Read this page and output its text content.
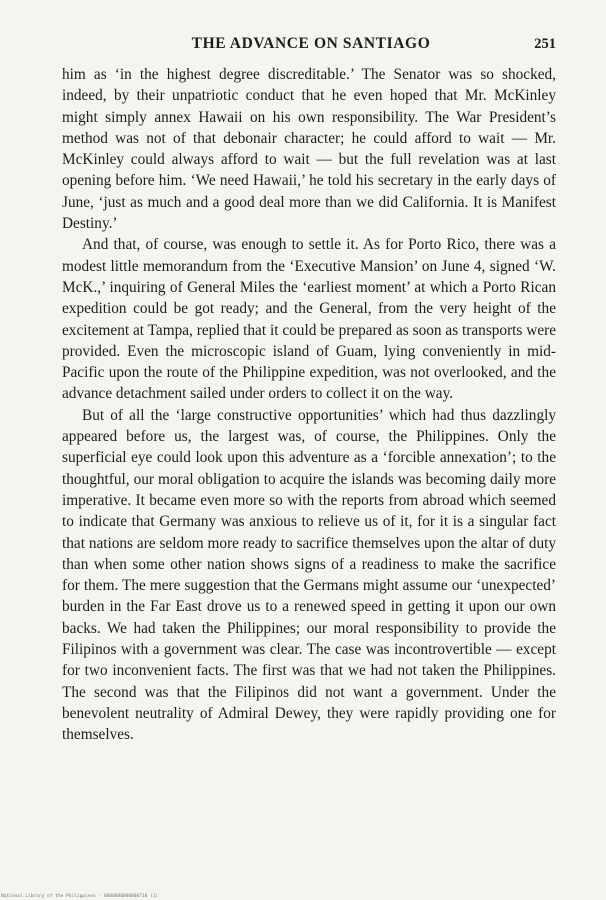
THE ADVANCE ON SANTIAGO	251

him as ‘in the highest degree discreditable.’ The Senator was so shocked, indeed, by their unpatriotic conduct that he even hoped that Mr. McKinley might simply annex Hawaii on his own responsibility. The War President’s method was not of that debonair character; he could afford to wait — Mr. McKinley could always afford to wait — but the full revelation was at last opening before him. ‘We need Hawaii,’ he told his secretary in the early days of June, ‘just as much and a good deal more than we did California. It is Manifest Destiny.’

And that, of course, was enough to settle it. As for Porto Rico, there was a modest little memorandum from the ‘Executive Mansion’ on June 4, signed ‘W. McK.,’ inquiring of General Miles the ‘earliest moment’ at which a Porto Rican expedition could be got ready; and the General, from the very height of the excitement at Tampa, replied that it could be prepared as soon as transports were provided. Even the microscopic island of Guam, lying conveniently in mid-Pacific upon the route of the Philippine expedition, was not overlooked, and the advance detachment sailed under orders to collect it on the way.

But of all the ‘large constructive opportunities’ which had thus dazzlingly appeared before us, the largest was, of course, the Philippines. Only the superficial eye could look upon this adventure as a ‘forcible annexation’; to the thoughtful, our moral obligation to acquire the islands was becoming daily more imperative. It became even more so with the reports from abroad which seemed to indicate that Germany was anxious to relieve us of it, for it is a singular fact that nations are seldom more ready to sacrifice themselves upon the altar of duty than when some other nation shows signs of a readiness to make the sacrifice for them. The mere suggestion that the Germans might assume our ‘unexpected’ burden in the Far East drove us to a renewed speed in getting it upon our own backs. We had taken the Philippines; our moral responsibility to provide the Filipinos with a government was clear. The case was incontrovertible — except for two inconvenient facts. The first was that we had not taken the Philippines. The second was that the Filipinos did not want a government. Under the benevolent neutrality of Admiral Dewey, they were rapidly providing one for themselves.

National Library of the Philippines · 0000000000000710 (1)
